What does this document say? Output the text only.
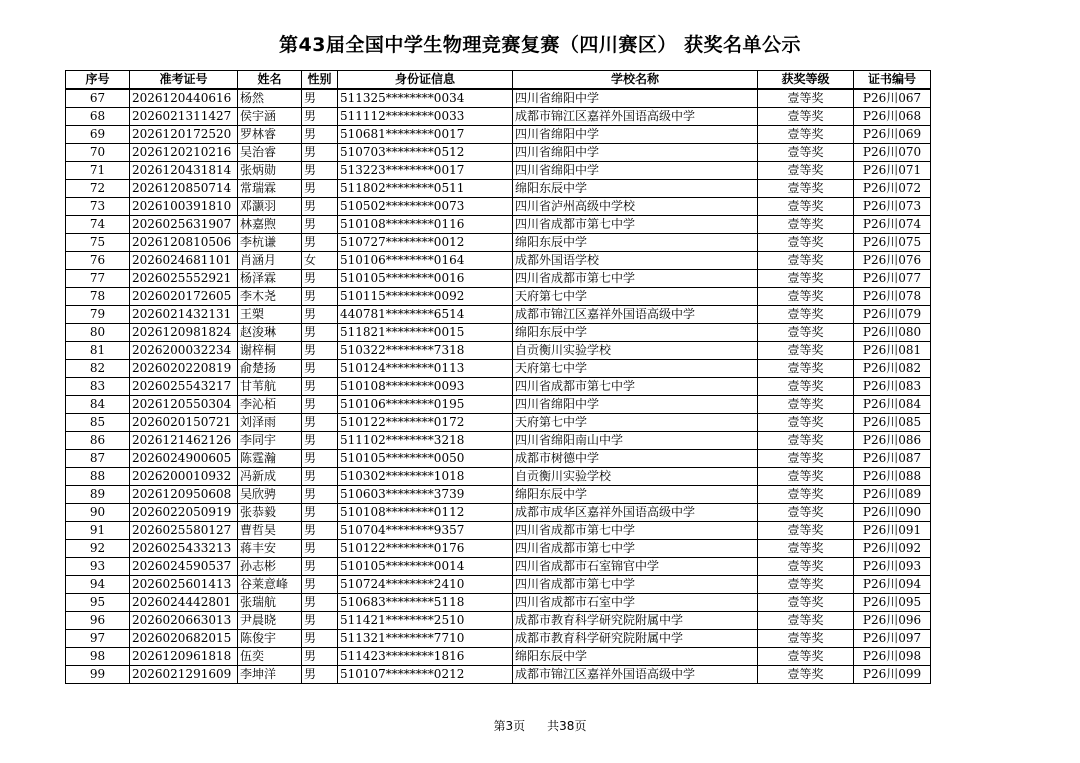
第43届全国中学生物理竞赛复赛（四川赛区） 获奖名单公示
序号	准考证号	姓名	性别	身份证信息	学校名称	获奖等级	证书编号
67	2026120440616	杨然	男	511325********0034	四川省绵阳中学	壹等奖	P26川067
68	2026021311427	侯宇涵	男	511112********0033	成都市锦江区嘉祥外国语高级中学	壹等奖	P26川068
69	2026120172520	罗林睿	男	510681********0017	四川省绵阳中学	壹等奖	P26川069
70	2026120210216	吴治睿	男	510703********0512	四川省绵阳中学	壹等奖	P26川070
71	2026120431814	张炳勋	男	513223********0017	四川省绵阳中学	壹等奖	P26川071
72	2026120850714	常瑞霖	男	511802********0511	绵阳东辰中学	壹等奖	P26川072
73	2026100391810	邓灏羽	男	510502********0073	四川省泸州高级中学校	壹等奖	P26川073
74	2026025631907	林嘉煦	男	510108********0116	四川省成都市第七中学	壹等奖	P26川074
75	2026120810506	李杭谦	男	510727********0012	绵阳东辰中学	壹等奖	P26川075
76	2026024681101	肖涵月	女	510106********0164	成都外国语学校	壹等奖	P26川076
77	2026025552921	杨泽霖	男	510105********0016	四川省成都市第七中学	壹等奖	P26川077
78	2026020172605	李木尧	男	510115********0092	天府第七中学	壹等奖	P26川078
79	2026021432131	王槊	男	440781********6514	成都市锦江区嘉祥外国语高级中学	壹等奖	P26川079
80	2026120981824	赵浚琳	男	511821********0015	绵阳东辰中学	壹等奖	P26川080
81	2026200032234	谢梓桐	男	510322********7318	自贡衡川实验学校	壹等奖	P26川081
82	2026020220819	俞楚扬	男	510124********0113	天府第七中学	壹等奖	P26川082
83	2026025543217	甘苇航	男	510108********0093	四川省成都市第七中学	壹等奖	P26川083
84	2026120550304	李沁栢	男	510106********0195	四川省绵阳中学	壹等奖	P26川084
85	2026020150721	刘泽雨	男	510122********0172	天府第七中学	壹等奖	P26川085
86	2026121462126	李同宇	男	511102********3218	四川省绵阳南山中学	壹等奖	P26川086
87	2026024900605	陈霆瀚	男	510105********0050	成都市树德中学	壹等奖	P26川087
88	2026200010932	冯新成	男	510302********1018	自贡衡川实验学校	壹等奖	P26川088
89	2026120950608	吴欣骋	男	510603********3739	绵阳东辰中学	壹等奖	P26川089
90	2026022050919	张恭毅	男	510108********0112	成都市成华区嘉祥外国语高级中学	壹等奖	P26川090
91	2026025580127	曹哲昊	男	510704********9357	四川省成都市第七中学	壹等奖	P26川091
92	2026025433213	蒋丰安	男	510122********0176	四川省成都市第七中学	壹等奖	P26川092
93	2026024590537	孙志彬	男	510105********0014	四川省成都市石室锦官中学	壹等奖	P26川093
94	2026025601413	谷莱意峰	男	510724********2410	四川省成都市第七中学	壹等奖	P26川094
95	2026024442801	张瑞航	男	510683********5118	四川省成都市石室中学	壹等奖	P26川095
96	2026020663013	尹晨晓	男	511421********2510	成都市教育科学研究院附属中学	壹等奖	P26川096
97	2026020682015	陈俊宇	男	511321********7710	成都市教育科学研究院附属中学	壹等奖	P26川097
98	2026120961818	伍奕	男	511423********1816	绵阳东辰中学	壹等奖	P26川098
99	2026021291609	李坤洋	男	510107********0212	成都市锦江区嘉祥外国语高级中学	壹等奖	P26川099
第3页 共38页
